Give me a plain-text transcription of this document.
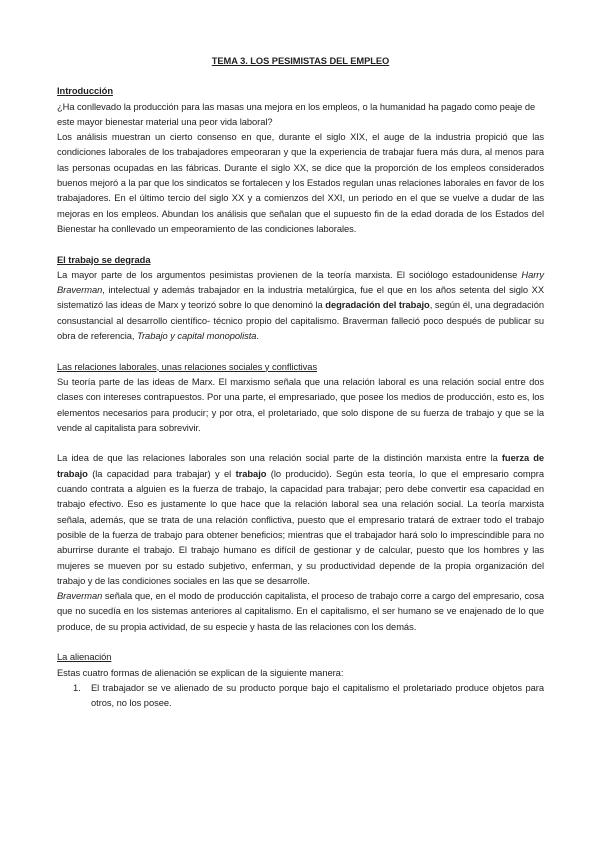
TEMA 3. LOS PESIMISTAS DEL EMPLEO

Introducción

¿Ha conllevado la producción para las masas una mejora en los empleos, o la humanidad ha pagado como peaje de este mayor bienestar material una peor vida laboral?

Los análisis muestran un cierto consenso en que, durante el siglo XIX, el auge de la industria propició que las condiciones laborales de los trabajadores empeoraran y que la experiencia de trabajar fuera más dura, al menos para las personas ocupadas en las fábricas. Durante el siglo XX, se dice que la proporción de los empleos considerados buenos mejoró a la par que los sindicatos se fortalecen y los Estados regulan unas relaciones laborales en favor de los trabajadores. En el último tercio del siglo XX y a comienzos del XXI, un periodo en el que se vuelve a dudar de las mejoras en los empleos. Abundan los análisis que señalan que el supuesto fin de la edad dorada de los Estados del Bienestar ha conllevado un empeoramiento de las condiciones laborales.

El trabajo se degrada

La mayor parte de los argumentos pesimistas provienen de la teoría marxista. El sociólogo estadounidense Harry Braverman, intelectual y además trabajador en la industria metalúrgica, fue el que en los años setenta del siglo XX sistematizó las ideas de Marx y teorizó sobre lo que denominó la degradación del trabajo, según él, una degradación consustancial al desarrollo científico- técnico propio del capitalismo. Braverman falleció poco después de publicar su obra de referencia, Trabajo y capital monopolista.

Las relaciones laborales, unas relaciones sociales y conflictivas

Su teoría parte de las ideas de Marx. El marxismo señala que una relación laboral es una relación social entre dos clases con intereses contrapuestos. Por una parte, el empresariado, que posee los medios de producción, esto es, los elementos necesarios para producir; y por otra, el proletariado, que solo dispone de su fuerza de trabajo y que se la vende al capitalista para sobrevivir.

La idea de que las relaciones laborales son una relación social parte de la distinción marxista entre la fuerza de trabajo (la capacidad para trabajar) y el trabajo (lo producido). Según esta teoría, lo que el empresario compra cuando contrata a alguien es la fuerza de trabajo, la capacidad para trabajar; pero debe convertir esa capacidad en trabajo efectivo. Eso es justamente lo que hace que la relación laboral sea una relación social. La teoría marxista señala, además, que se trata de una relación conflictiva, puesto que el empresario tratará de extraer todo el trabajo posible de la fuerza de trabajo para obtener beneficios; mientras que el trabajador hará solo lo imprescindible para no aburrirse durante el trabajo. El trabajo humano es difícil de gestionar y de calcular, puesto que los hombres y las mujeres se mueven por su estado subjetivo, enferman, y su productividad depende de la propia organización del trabajo y de las condiciones sociales en las que se desarrolle.

Braverman señala que, en el modo de producción capitalista, el proceso de trabajo corre a cargo del empresario, cosa que no sucedía en los sistemas anteriores al capitalismo. En el capitalismo, el ser humano se ve enajenado de lo que produce, de su propia actividad, de su especie y hasta de las relaciones con los demás.

La alienación

Estas cuatro formas de alienación se explican de la siguiente manera:

1.	El trabajador se ve alienado de su producto porque bajo el capitalismo el proletariado produce objetos para otros, no los posee.
